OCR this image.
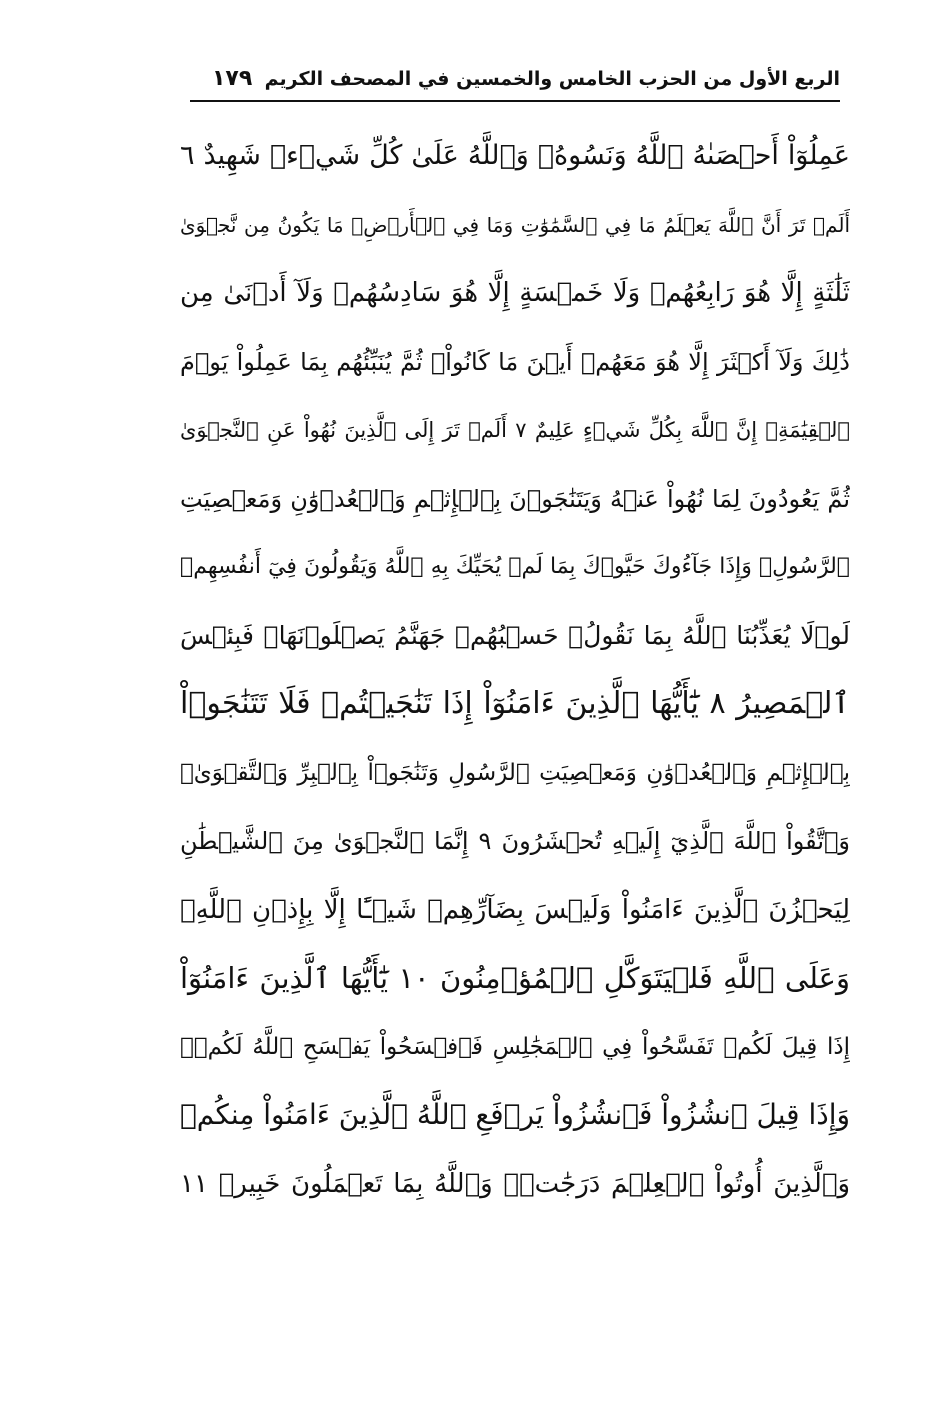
الربع الأول من الحزب الخامس والخمسين في المصحف الكريم
١٧٩
عَمِلُوٓاْ أَحۡصَىٰهُ ٱللَّهُ وَنَسُوهُۚ وَٱللَّهُ عَلَىٰ كُلِّ شَيۡءٖ شَهِيدٌ ٦
أَلَمۡ تَرَ أَنَّ ٱللَّهَ يَعۡلَمُ مَا فِي ٱلسَّمَٰوَٰتِ وَمَا فِي ٱلۡأَرۡضِۖ مَا يَكُونُ مِن نَّجۡوَىٰ
ثَلَٰثَةٍ إِلَّا هُوَ رَابِعُهُمۡ وَلَا خَمۡسَةٍ إِلَّا هُوَ سَادِسُهُمۡ وَلَآ أَدۡنَىٰ مِن
ذَٰلِكَ وَلَآ أَكۡثَرَ إِلَّا هُوَ مَعَهُمۡ أَيۡنَ مَا كَانُواْۖ ثُمَّ يُنَبِّئُهُم بِمَا عَمِلُواْ يَوۡمَ
ٱلۡقِيَٰمَةِۚ إِنَّ ٱللَّهَ بِكُلِّ شَيۡءٍ عَلِيمٌ ٧ أَلَمۡ تَرَ إِلَى ٱلَّذِينَ نُهُواْ عَنِ ٱلنَّجۡوَىٰ
ثُمَّ يَعُودُونَ لِمَا نُهُواْ عَنۡهُ وَيَتَنَٰجَوۡنَ بِٱلۡإِثۡمِ وَٱلۡعُدۡوَٰنِ وَمَعۡصِيَتِ
ٱلرَّسُولِۖ وَإِذَا جَآءُوكَ حَيَّوۡكَ بِمَا لَمۡ يُحَيِّكَ بِهِ ٱللَّهُ وَيَقُولُونَ فِيٓ أَنفُسِهِمۡ
لَوۡلَا يُعَذِّبُنَا ٱللَّهُ بِمَا نَقُولُۚ حَسۡبُهُمۡ جَهَنَّمُ يَصۡلَوۡنَهَاۖ فَبِئۡسَ
ٱلۡمَصِيرُ ٨ يَٰٓأَيُّهَا ٱلَّذِينَ ءَامَنُوٓاْ إِذَا تَنَٰجَيۡتُمۡ فَلَا تَتَنَٰجَوۡاْ
بِٱلۡإِثۡمِ وَٱلۡعُدۡوَٰنِ وَمَعۡصِيَتِ ٱلرَّسُولِ وَتَنَٰجَوۡاْ بِٱلۡبِرِّ وَٱلتَّقۡوَىٰۖ
وَٱتَّقُواْ ٱللَّهَ ٱلَّذِيٓ إِلَيۡهِ تُحۡشَرُونَ ٩ إِنَّمَا ٱلنَّجۡوَىٰ مِنَ ٱلشَّيۡطَٰنِ
لِيَحۡزُنَ ٱلَّذِينَ ءَامَنُواْ وَلَيۡسَ بِضَآرِّهِمۡ شَيۡـًٔا إِلَّا بِإِذۡنِ ٱللَّهِۚ
وَعَلَى ٱللَّهِ فَلۡيَتَوَكَّلِ ٱلۡمُؤۡمِنُونَ ١٠ يَٰٓأَيُّهَا ٱلَّذِينَ ءَامَنُوٓاْ
إِذَا قِيلَ لَكُمۡ تَفَسَّحُواْ فِي ٱلۡمَجَٰلِسِ فَٱفۡسَحُواْ يَفۡسَحِ ٱللَّهُ لَكُمۡۖ
وَإِذَا قِيلَ ٱنشُزُواْ فَٱنشُزُواْ يَرۡفَعِ ٱللَّهُ ٱلَّذِينَ ءَامَنُواْ مِنكُمۡ
وَٱلَّذِينَ أُوتُواْ ٱلۡعِلۡمَ دَرَجَٰتٖۚ وَٱللَّهُ بِمَا تَعۡمَلُونَ خَبِيرٞ ١١
